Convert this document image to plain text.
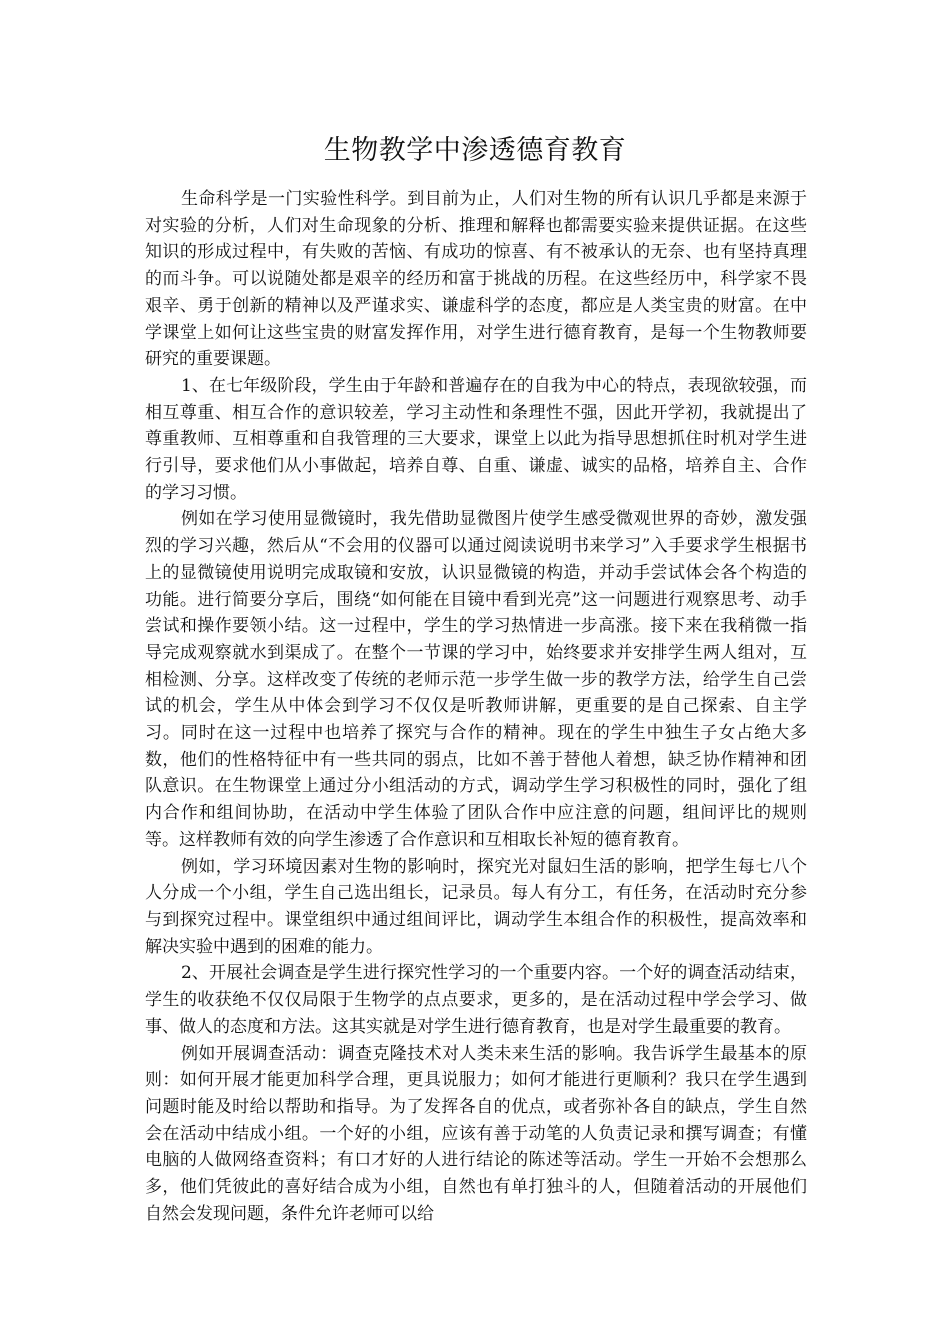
生物教学中渗透德育教育

生命科学是一门实验性科学。到目前为止，人们对生物的所有认识几乎都是来源于对实验的分析，人们对生命现象的分析、推理和解释也都需要实验来提供证据。在这些知识的形成过程中，有失败的苦恼、有成功的惊喜、有不被承认的无奈、也有坚持真理的而斗争。可以说随处都是艰辛的经历和富于挑战的历程。在这些经历中，科学家不畏艰辛、勇于创新的精神以及严谨求实、谦虚科学的态度，都应是人类宝贵的财富。在中学课堂上如何让这些宝贵的财富发挥作用，对学生进行德育教育，是每一个生物教师要研究的重要课题。

1、在七年级阶段，学生由于年龄和普遍存在的自我为中心的特点，表现欲较强，而相互尊重、相互合作的意识较差，学习主动性和条理性不强，因此开学初，我就提出了尊重教师、互相尊重和自我管理的三大要求，课堂上以此为指导思想抓住时机对学生进行引导，要求他们从小事做起，培养自尊、自重、谦虚、诚实的品格，培养自主、合作的学习习惯。

例如在学习使用显微镜时，我先借助显微图片使学生感受微观世界的奇妙，激发强烈的学习兴趣，然后从“不会用的仪器可以通过阅读说明书来学习”入手要求学生根据书上的显微镜使用说明完成取镜和安放，认识显微镜的构造，并动手尝试体会各个构造的功能。进行简要分享后，围绕“如何能在目镜中看到光亮”这一问题进行观察思考、动手尝试和操作要领小结。这一过程中，学生的学习热情进一步高涨。接下来在我稍微一指导完成观察就水到渠成了。在整个一节课的学习中，始终要求并安排学生两人组对，互相检测、分享。这样改变了传统的老师示范一步学生做一步的教学方法，给学生自己尝试的机会，学生从中体会到学习不仅仅是听教师讲解，更重要的是自己探索、自主学习。同时在这一过程中也培养了探究与合作的精神。现在的学生中独生子女占绝大多数，他们的性格特征中有一些共同的弱点，比如不善于替他人着想，缺乏协作精神和团队意识。在生物课堂上通过分小组活动的方式，调动学生学习积极性的同时，强化了组内合作和组间协助，在活动中学生体验了团队合作中应注意的问题，组间评比的规则等。这样教师有效的向学生渗透了合作意识和互相取长补短的德育教育。

例如，学习环境因素对生物的影响时，探究光对鼠妇生活的影响，把学生每七八个人分成一个小组，学生自己选出组长，记录员。每人有分工，有任务，在活动时充分参与到探究过程中。课堂组织中通过组间评比，调动学生本组合作的积极性，提高效率和解决实验中遇到的困难的能力。

2、开展社会调查是学生进行探究性学习的一个重要内容。一个好的调查活动结束，学生的收获绝不仅仅局限于生物学的点点要求，更多的，是在活动过程中学会学习、做事、做人的态度和方法。这其实就是对学生进行德育教育，也是对学生最重要的教育。

例如开展调查活动：调查克隆技术对人类未来生活的影响。我告诉学生最基本的原则：如何开展才能更加科学合理，更具说服力；如何才能进行更顺利？我只在学生遇到问题时能及时给以帮助和指导。为了发挥各自的优点，或者弥补各自的缺点，学生自然会在活动中结成小组。一个好的小组，应该有善于动笔的人负责记录和撰写调查；有懂电脑的人做网络查资料；有口才好的人进行结论的陈述等活动。学生一开始不会想那么多，他们凭彼此的喜好结合成为小组，自然也有单打独斗的人，但随着活动的开展他们自然会发现问题，条件允许老师可以给
